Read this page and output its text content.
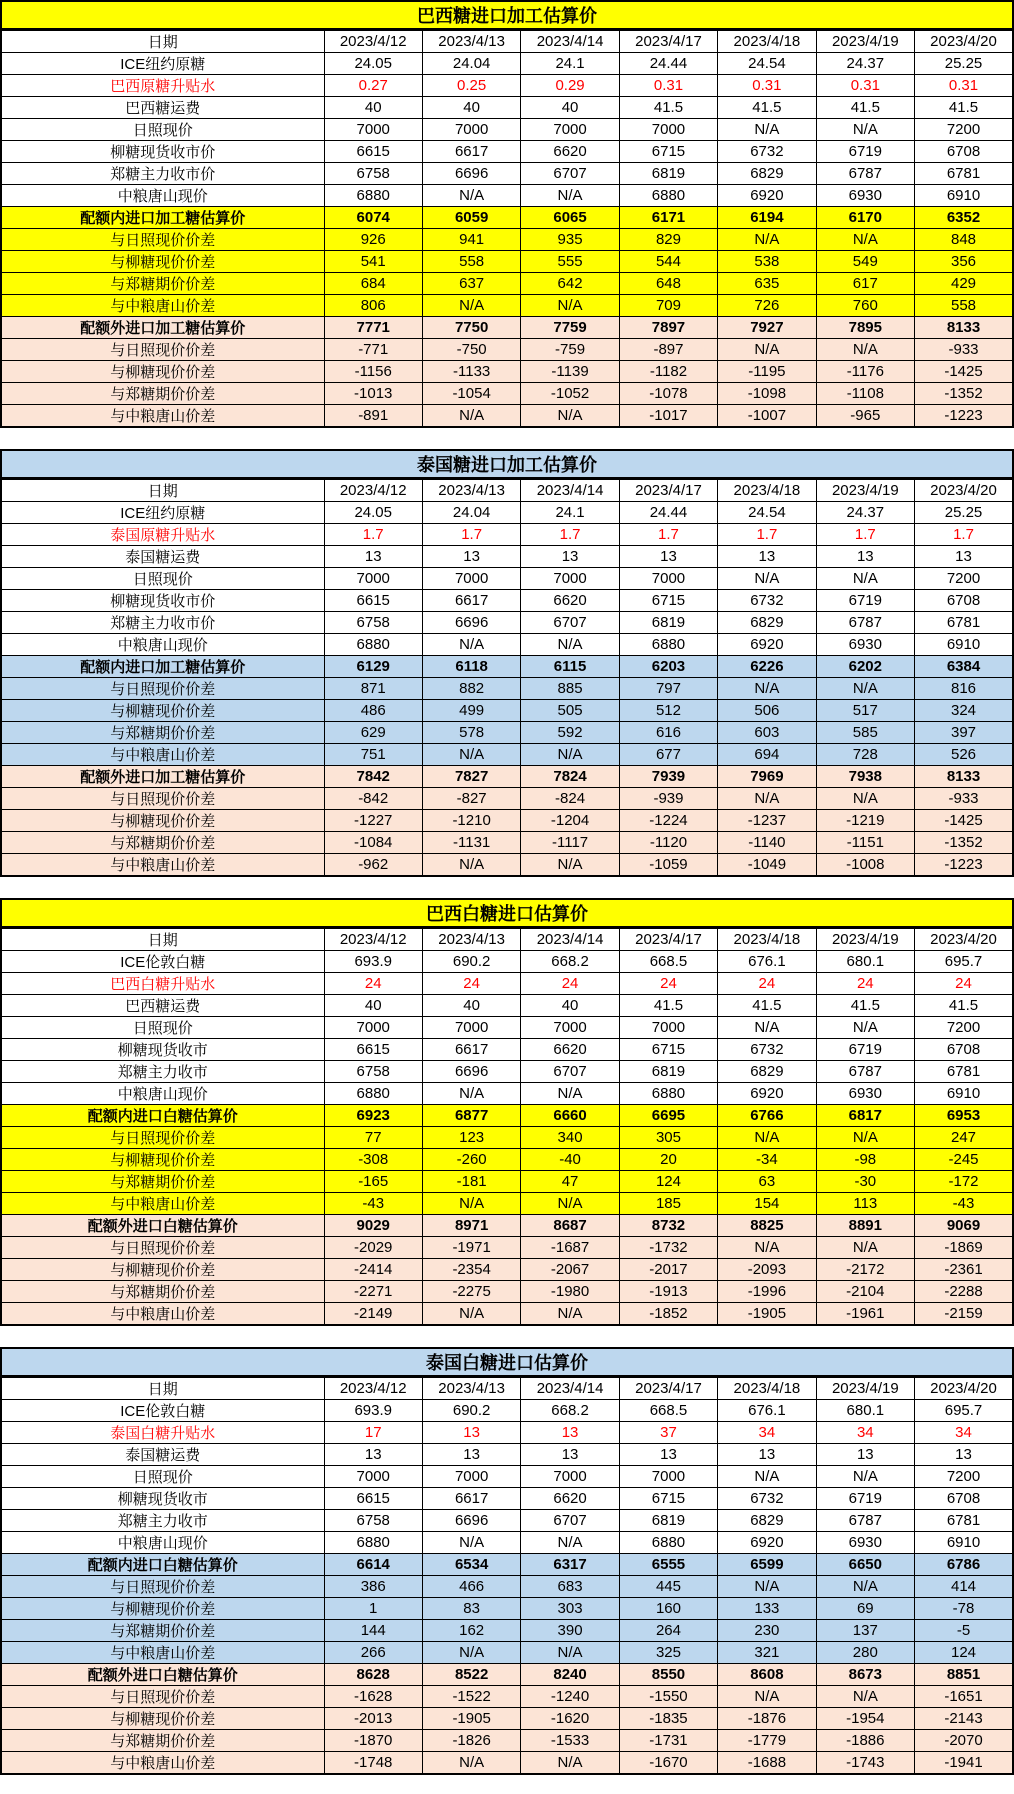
巴西糖进口加工估算价							
日期	2023/4/12	2023/4/13	2023/4/14	2023/4/17	2023/4/18	2023/4/19	2023/4/20
ICE纽约原糖	24.05	24.04	24.1	24.44	24.54	24.37	25.25
巴西原糖升贴水	0.27	0.25	0.29	0.31	0.31	0.31	0.31
巴西糖运费	40	40	40	41.5	41.5	41.5	41.5
日照现价	7000	7000	7000	7000	N/A	N/A	7200
柳糖现货收市价	6615	6617	6620	6715	6732	6719	6708
郑糖主力收市价	6758	6696	6707	6819	6829	6787	6781
中粮唐山现价	6880	N/A	N/A	6880	6920	6930	6910
配额内进口加工糖估算价	6074	6059	6065	6171	6194	6170	6352
与日照现价价差	926	941	935	829	N/A	N/A	848
与柳糖现价价差	541	558	555	544	538	549	356
与郑糖期价价差	684	637	642	648	635	617	429
与中粮唐山价差	806	N/A	N/A	709	726	760	558
配额外进口加工糖估算价	7771	7750	7759	7897	7927	7895	8133
与日照现价价差	-771	-750	-759	-897	N/A	N/A	-933
与柳糖现价价差	-1156	-1133	-1139	-1182	-1195	-1176	-1425
与郑糖期价价差	-1013	-1054	-1052	-1078	-1098	-1108	-1352
与中粮唐山价差	-891	N/A	N/A	-1017	-1007	-965	-1223
泰国糖进口加工估算价							
日期	2023/4/12	2023/4/13	2023/4/14	2023/4/17	2023/4/18	2023/4/19	2023/4/20
ICE纽约原糖	24.05	24.04	24.1	24.44	24.54	24.37	25.25
泰国原糖升贴水	1.7	1.7	1.7	1.7	1.7	1.7	1.7
泰国糖运费	13	13	13	13	13	13	13
日照现价	7000	7000	7000	7000	N/A	N/A	7200
柳糖现货收市价	6615	6617	6620	6715	6732	6719	6708
郑糖主力收市价	6758	6696	6707	6819	6829	6787	6781
中粮唐山现价	6880	N/A	N/A	6880	6920	6930	6910
配额内进口加工糖估算价	6129	6118	6115	6203	6226	6202	6384
与日照现价价差	871	882	885	797	N/A	N/A	816
与柳糖现价价差	486	499	505	512	506	517	324
与郑糖期价价差	629	578	592	616	603	585	397
与中粮唐山价差	751	N/A	N/A	677	694	728	526
配额外进口加工糖估算价	7842	7827	7824	7939	7969	7938	8133
与日照现价价差	-842	-827	-824	-939	N/A	N/A	-933
与柳糖现价价差	-1227	-1210	-1204	-1224	-1237	-1219	-1425
与郑糖期价价差	-1084	-1131	-1117	-1120	-1140	-1151	-1352
与中粮唐山价差	-962	N/A	N/A	-1059	-1049	-1008	-1223
巴西白糖进口估算价							
日期	2023/4/12	2023/4/13	2023/4/14	2023/4/17	2023/4/18	2023/4/19	2023/4/20
ICE伦敦白糖	693.9	690.2	668.2	668.5	676.1	680.1	695.7
巴西白糖升贴水	24	24	24	24	24	24	24
巴西糖运费	40	40	40	41.5	41.5	41.5	41.5
日照现价	7000	7000	7000	7000	N/A	N/A	7200
柳糖现货收市	6615	6617	6620	6715	6732	6719	6708
郑糖主力收市	6758	6696	6707	6819	6829	6787	6781
中粮唐山现价	6880	N/A	N/A	6880	6920	6930	6910
配额内进口白糖估算价	6923	6877	6660	6695	6766	6817	6953
与日照现价价差	77	123	340	305	N/A	N/A	247
与柳糖现价价差	-308	-260	-40	20	-34	-98	-245
与郑糖期价价差	-165	-181	47	124	63	-30	-172
与中粮唐山价差	-43	N/A	N/A	185	154	113	-43
配额外进口白糖估算价	9029	8971	8687	8732	8825	8891	9069
与日照现价价差	-2029	-1971	-1687	-1732	N/A	N/A	-1869
与柳糖现价价差	-2414	-2354	-2067	-2017	-2093	-2172	-2361
与郑糖期价价差	-2271	-2275	-1980	-1913	-1996	-2104	-2288
与中粮唐山价差	-2149	N/A	N/A	-1852	-1905	-1961	-2159
泰国白糖进口估算价							
日期	2023/4/12	2023/4/13	2023/4/14	2023/4/17	2023/4/18	2023/4/19	2023/4/20
ICE伦敦白糖	693.9	690.2	668.2	668.5	676.1	680.1	695.7
泰国白糖升贴水	17	13	13	37	34	34	34
泰国糖运费	13	13	13	13	13	13	13
日照现价	7000	7000	7000	7000	N/A	N/A	7200
柳糖现货收市	6615	6617	6620	6715	6732	6719	6708
郑糖主力收市	6758	6696	6707	6819	6829	6787	6781
中粮唐山现价	6880	N/A	N/A	6880	6920	6930	6910
配额内进口白糖估算价	6614	6534	6317	6555	6599	6650	6786
与日照现价价差	386	466	683	445	N/A	N/A	414
与柳糖现价价差	1	83	303	160	133	69	-78
与郑糖期价价差	144	162	390	264	230	137	-5
与中粮唐山价差	266	N/A	N/A	325	321	280	124
配额外进口白糖估算价	8628	8522	8240	8550	8608	8673	8851
与日照现价价差	-1628	-1522	-1240	-1550	N/A	N/A	-1651
与柳糖现价价差	-2013	-1905	-1620	-1835	-1876	-1954	-2143
与郑糖期价价差	-1870	-1826	-1533	-1731	-1779	-1886	-2070
与中粮唐山价差	-1748	N/A	N/A	-1670	-1688	-1743	-1941
